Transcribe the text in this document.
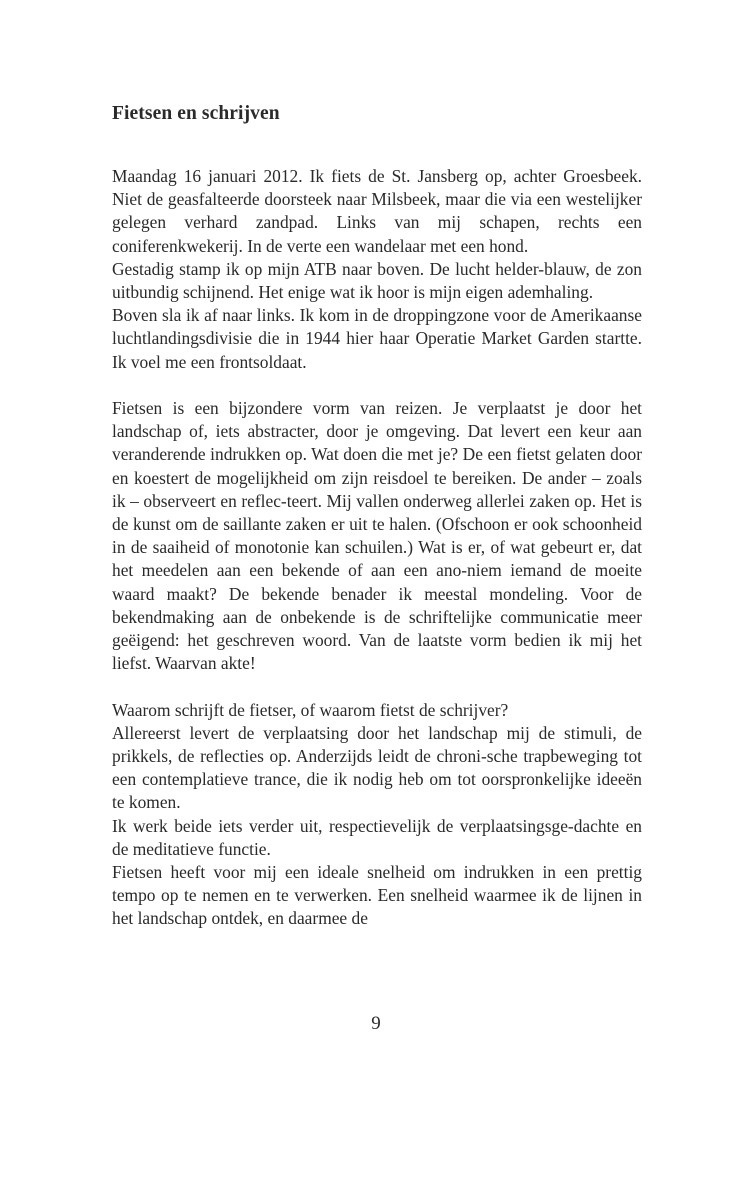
Fietsen en schrijven

Maandag 16 januari 2012. Ik fiets de St. Jansberg op, achter Groesbeek. Niet de geasfalteerde doorsteek naar Milsbeek, maar die via een westelijker gelegen verhard zandpad. Links van mij schapen, rechts een coniferenkwekerij. In de verte een wandelaar met een hond.

Gestadig stamp ik op mijn ATB naar boven. De lucht helder-blauw, de zon uitbundig schijnend. Het enige wat ik hoor is mijn eigen ademhaling.

Boven sla ik af naar links. Ik kom in de droppingzone voor de Amerikaanse luchtlandingsdivisie die in 1944 hier haar Operatie Market Garden startte. Ik voel me een frontsoldaat.

Fietsen is een bijzondere vorm van reizen. Je verplaatst je door het landschap of, iets abstracter, door je omgeving. Dat levert een keur aan veranderende indrukken op. Wat doen die met je? De een fietst gelaten door en koestert de mogelijkheid om zijn reisdoel te bereiken. De ander – zoals ik – observeert en reflec-teert. Mij vallen onderweg allerlei zaken op. Het is de kunst om de saillante zaken er uit te halen. (Ofschoon er ook schoonheid in de saaiheid of monotonie kan schuilen.) Wat is er, of wat gebeurt er, dat het meedelen aan een bekende of aan een ano-niem iemand de moeite waard maakt? De bekende benader ik meestal mondeling. Voor de bekendmaking aan de onbekende is de schriftelijke communicatie meer geëigend: het geschreven woord. Van de laatste vorm bedien ik mij het liefst. Waarvan akte!

Waarom schrijft de fietser, of waarom fietst de schrijver?

Allereerst levert de verplaatsing door het landschap mij de stimuli, de prikkels, de reflecties op. Anderzijds leidt de chroni-sche trapbeweging tot een contemplatieve trance, die ik nodig heb om tot oorspronkelijke ideeën te komen.

Ik werk beide iets verder uit, respectievelijk de verplaatsingsge-dachte en de meditatieve functie.

Fietsen heeft voor mij een ideale snelheid om indrukken in een prettig tempo op te nemen en te verwerken. Een snelheid waarmee ik de lijnen in het landschap ontdek, en daarmee de

9
